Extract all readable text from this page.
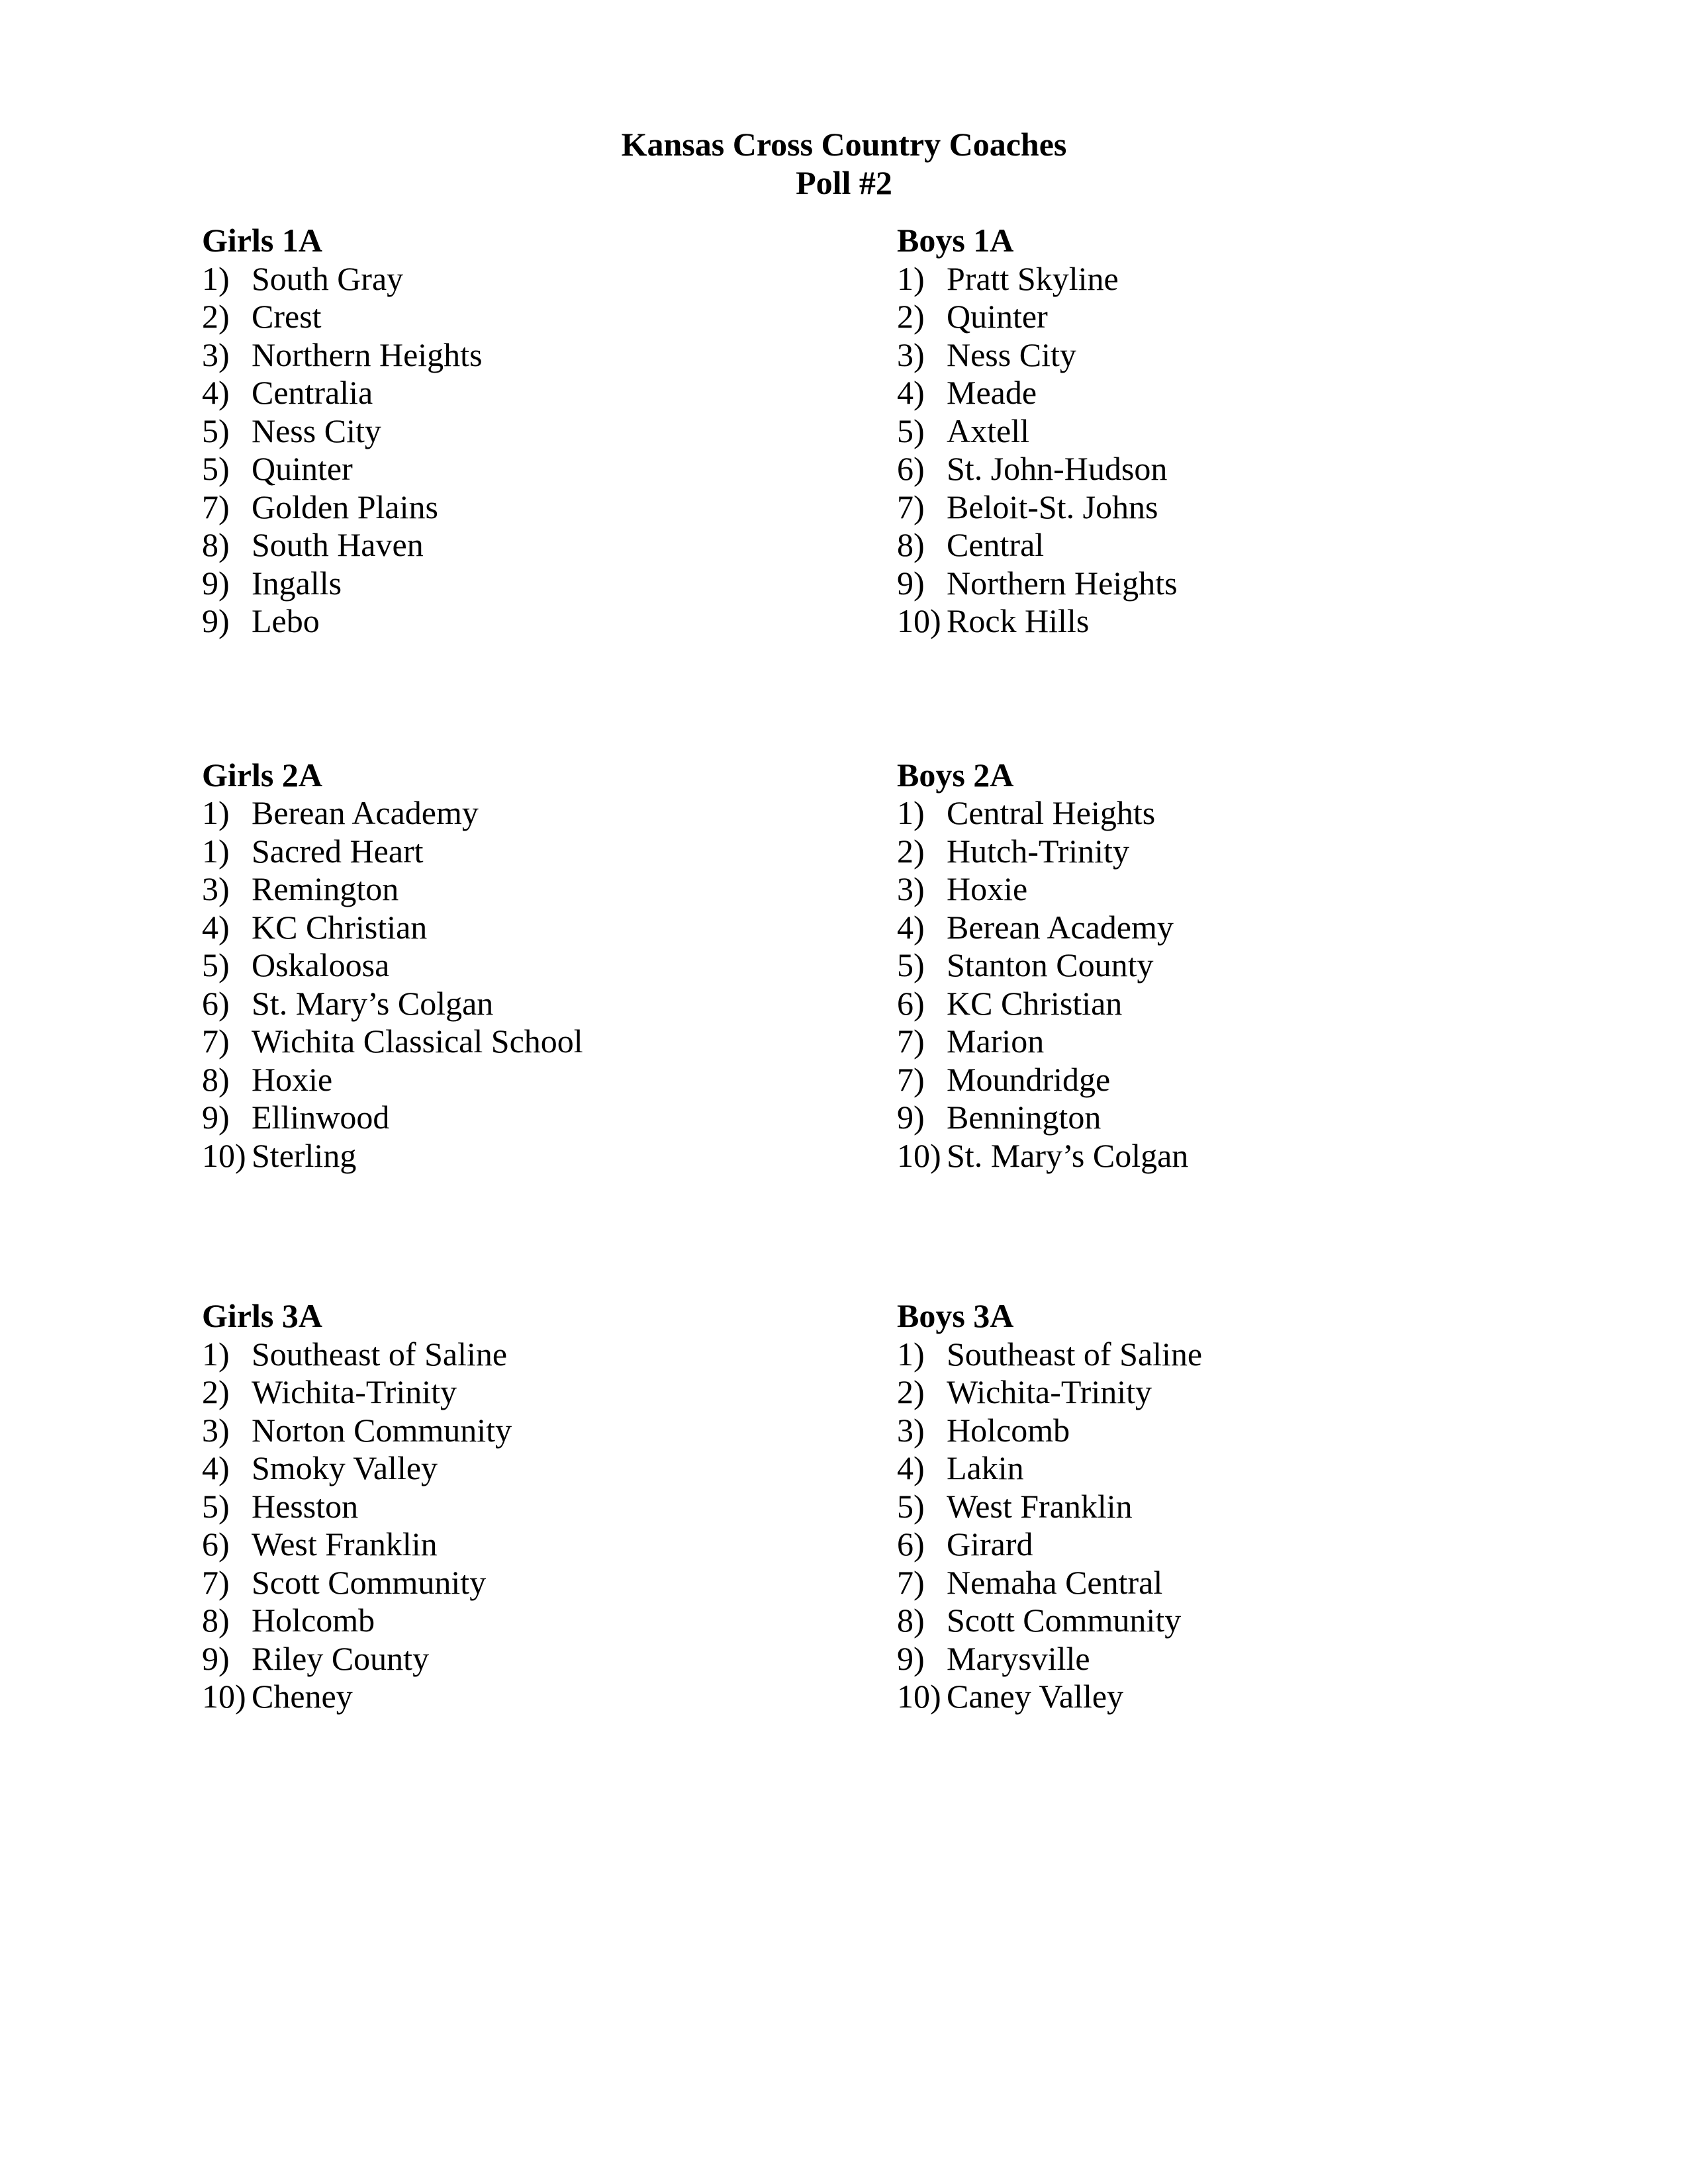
Kansas Cross Country Coaches
Poll #2
Girls 1A
1) South Gray
2) Crest
3) Northern Heights
4) Centralia
5) Ness City
5) Quinter
7) Golden Plains
8) South Haven
9) Ingalls
9) Lebo
Boys 1A
1) Pratt Skyline
2) Quinter
3) Ness City
4) Meade
5) Axtell
6) St. John-Hudson
7) Beloit-St. Johns
8) Central
9) Northern Heights
10) Rock Hills
Girls 2A
1) Berean Academy
1) Sacred Heart
3) Remington
4) KC Christian
5) Oskaloosa
6) St. Mary’s Colgan
7) Wichita Classical School
8) Hoxie
9) Ellinwood
10) Sterling
Boys 2A
1) Central Heights
2) Hutch-Trinity
3) Hoxie
4) Berean Academy
5) Stanton County
6) KC Christian
7) Marion
7) Moundridge
9) Bennington
10) St. Mary’s Colgan
Girls 3A
1) Southeast of Saline
2) Wichita-Trinity
3) Norton Community
4) Smoky Valley
5) Hesston
6) West Franklin
7) Scott Community
8) Holcomb
9) Riley County
10) Cheney
Boys 3A
1) Southeast of Saline
2) Wichita-Trinity
3) Holcomb
4) Lakin
5) West Franklin
6) Girard
7) Nemaha Central
8) Scott Community
9) Marysville
10) Caney Valley
